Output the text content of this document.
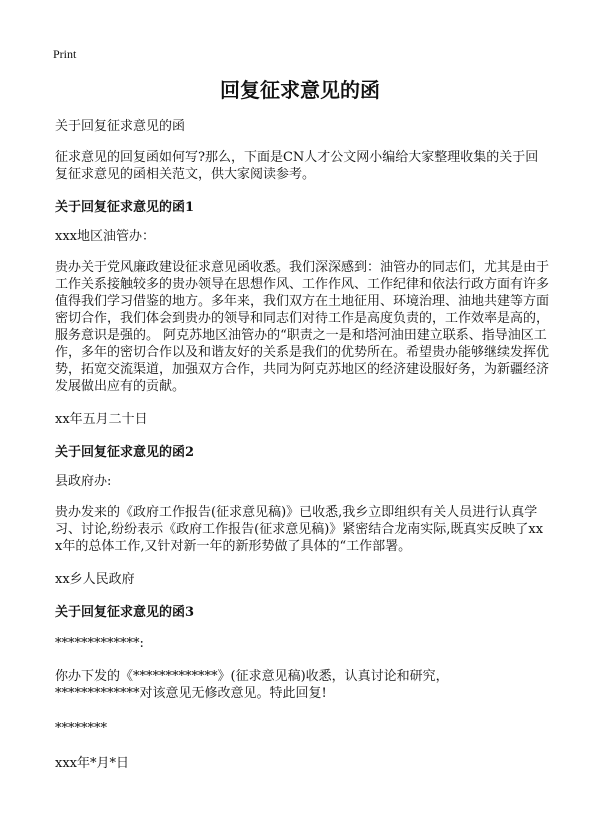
Print
回复征求意见的函

关于回复征求意见的函

征求意见的回复函如何写?那么，下面是CN人才公文网小编给大家整理收集的关于回复征求意见的函相关范文，供大家阅读参考。

关于回复征求意见的函1

xxx地区油管办：

贵办关于党风廉政建设征求意见函收悉。我们深深感到：油管办的同志们，尤其是由于工作关系接触较多的贵办领导在思想作风、工作作风、工作纪律和依法行政方面有许多值得我们学习借鉴的地方。多年来，我们双方在土地征用、环境治理、油地共建等方面密切合作，我们体会到贵办的领导和同志们对待工作是高度负责的，工作效率是高的，服务意识是强的。 阿克苏地区油管办的“职责之一是和塔河油田建立联系、指导油区工作，多年的密切合作以及和谐友好的关系是我们的优势所在。希望贵办能够继续发挥优势，拓宽交流渠道，加强双方合作，共同为阿克苏地区的经济建设服好务，为新疆经济发展做出应有的贡献。

xx年五月二十日

关于回复征求意见的函2

县政府办:

贵办发来的《政府工作报告(征求意见稿)》已收悉,我乡立即组织有关人员进行认真学习、讨论,纷纷表示《政府工作报告(征求意见稿)》紧密结合龙南实际,既真实反映了xxx年的总体工作,又针对新一年的新形势做了具体的“工作部署。

xx乡人民政府

关于回复征求意见的函3

*************:

你办下发的《*************》(征求意见稿)收悉，认真讨论和研究，

*************对该意见无修改意见。特此回复!

********

xxx年*月*日
